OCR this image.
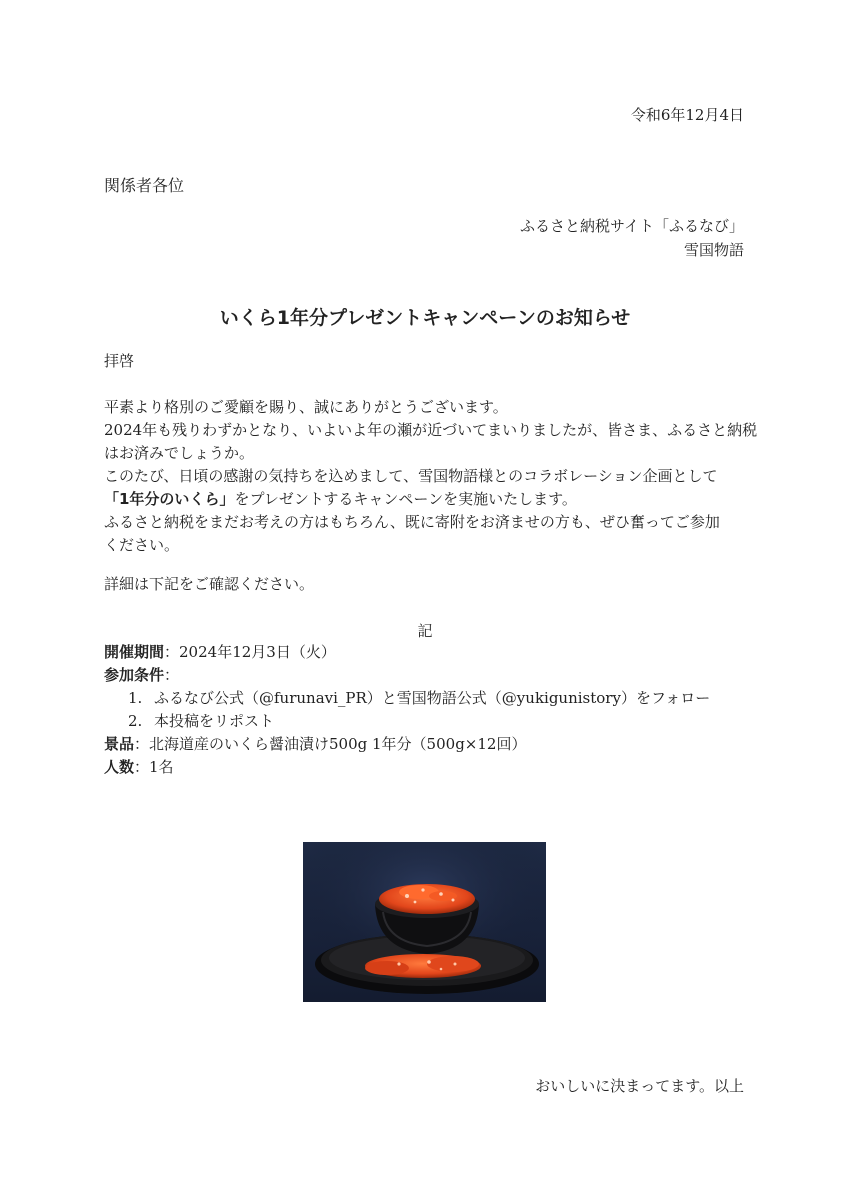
令和6年12月4日
関係者各位
ふるさと納税サイト「ふるなび」
雪国物語
いくら1年分プレゼントキャンペーンのお知らせ
拝啓
平素より格別のご愛顧を賜り、誠にありがとうございます。
2024年も残りわずかとなり、いよいよ年の瀬が近づいてまいりましたが、皆さま、ふるさと納税
はお済みでしょうか。
このたび、日頃の感謝の気持ちを込めまして、雪国物語様とのコラボレーション企画として
「1年分のいくら」をプレゼントするキャンペーンを実施いたします。
ふるさと納税をまだお考えの方はもちろん、既に寄附をお済ませの方も、ぜひ奮ってご参加
ください。
詳細は下記をご確認ください。
記
開催期間：2024年12月3日（火）
参加条件：
1. ふるなび公式（@furunavi_PR）と雪国物語公式（@yukigunistory）をフォロー
2. 本投稿をリポスト
景品：北海道産のいくら醤油漬け500g 1年分（500g×12回）
人数：1名
おいしいに決まってます。以上
